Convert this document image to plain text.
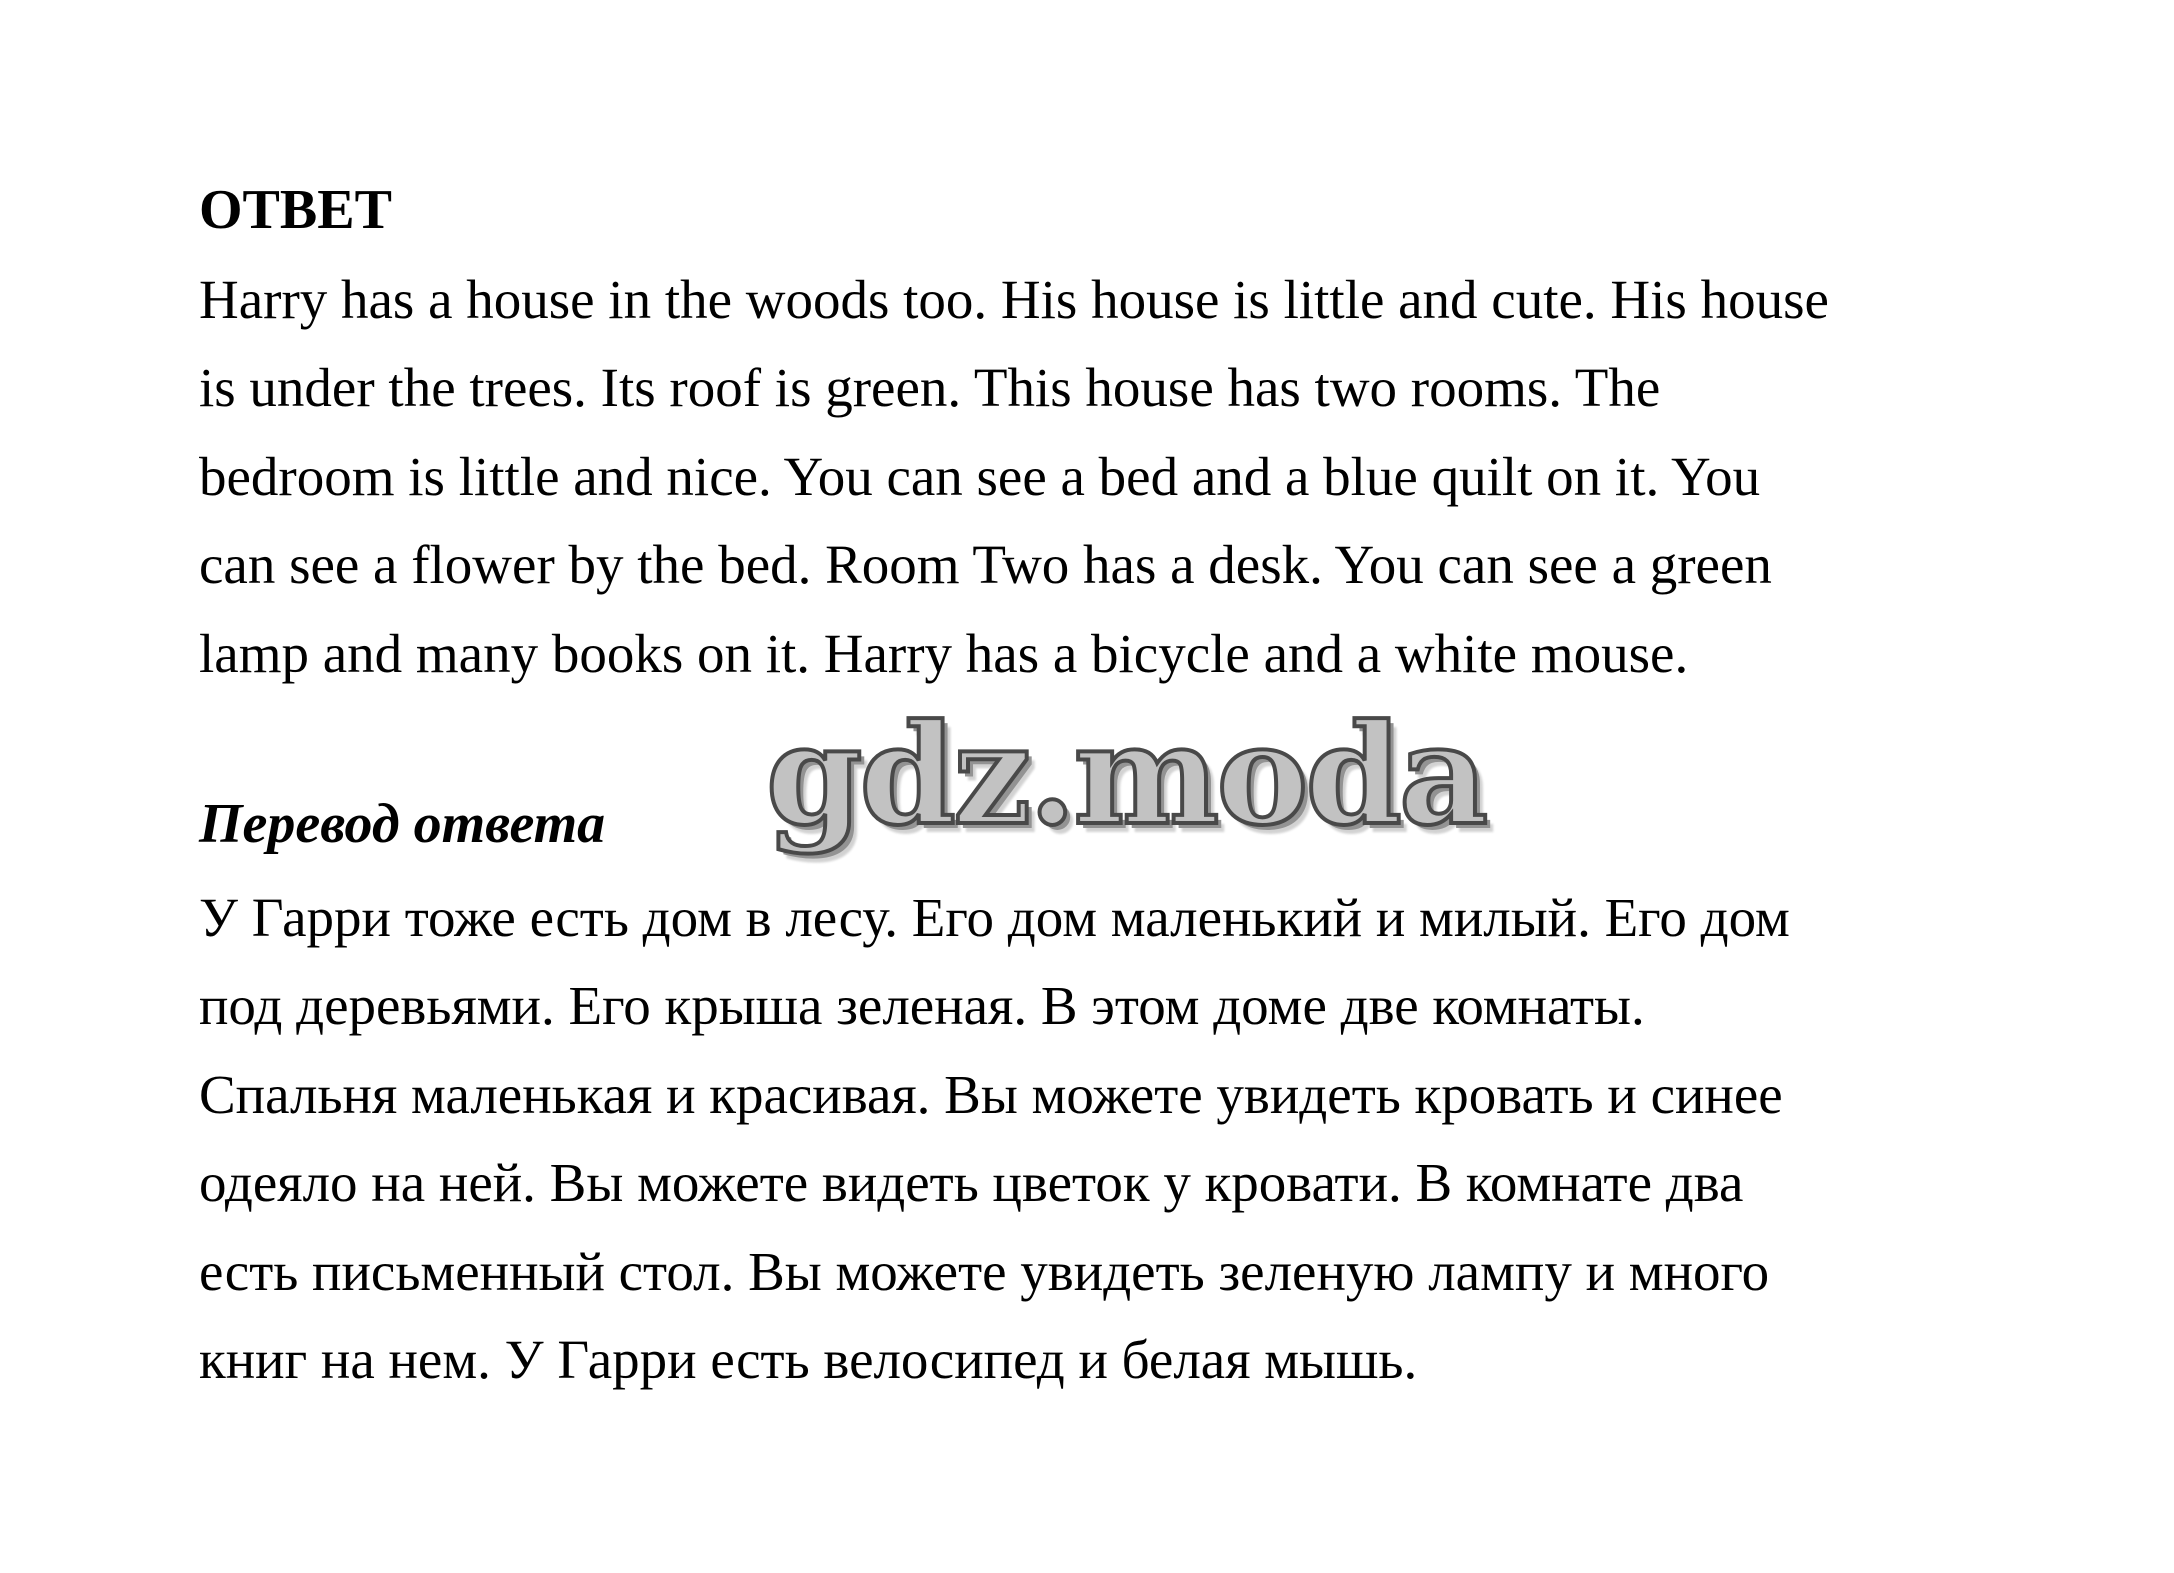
ОТВЕТ

Harry has a house in the woods too. His house is little and cute. His house
is under the trees. Its roof is green. This house has two rooms. The
bedroom is little and nice. You can see a bed and a blue quilt on it. You
can see a flower by the bed. Room Two has a desk. You can see a green
lamp and many books on it. Harry has a bicycle and a white mouse.

gdz.moda
Перевод ответа

У Гарри тоже есть дом в лесу. Его дом маленький и милый. Его дом
под деревьями. Его крыша зеленая. В этом доме две комнаты.
Спальня маленькая и красивая. Вы можете увидеть кровать и синее
одеяло на ней. Вы можете видеть цветок у кровати. В комнате два
есть письменный стол. Вы можете увидеть зеленую лампу и много
книг на нем. У Гарри есть велосипед и белая мышь.
